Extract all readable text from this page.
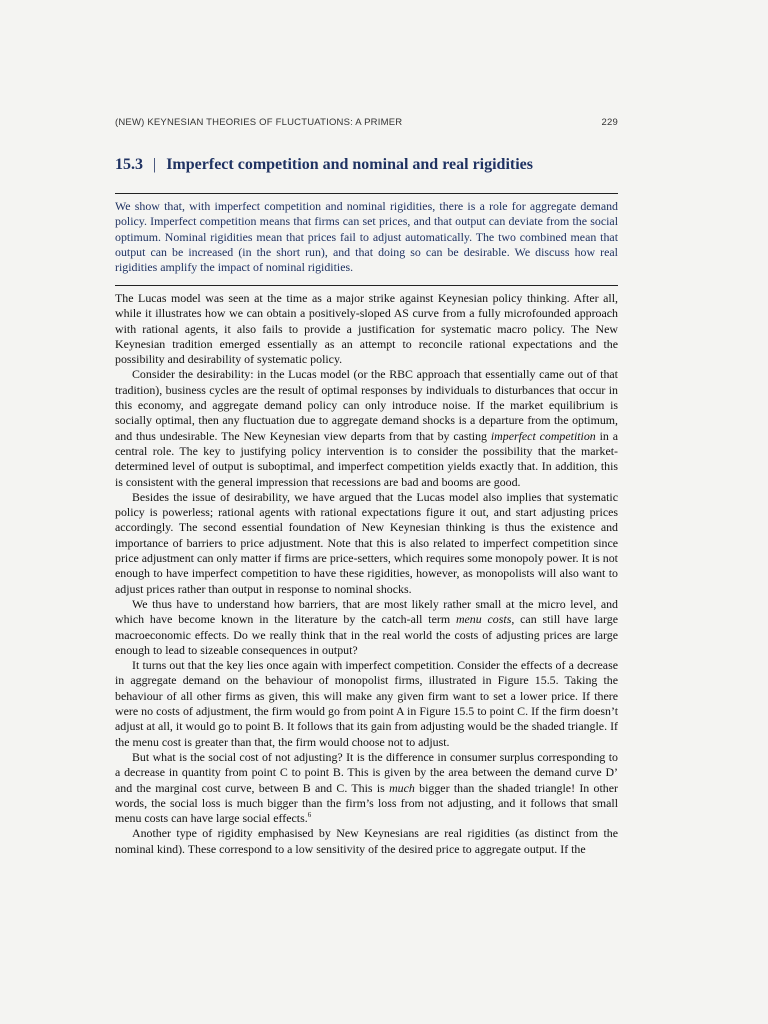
(NEW) KEYNESIAN THEORIES OF FLUCTUATIONS: A PRIMER	229
15.3 | Imperfect competition and nominal and real rigidities
We show that, with imperfect competition and nominal rigidities, there is a role for aggregate demand policy. Imperfect competition means that firms can set prices, and that output can deviate from the social optimum. Nominal rigidities mean that prices fail to adjust automatically. The two combined mean that output can be increased (in the short run), and that doing so can be desirable. We discuss how real rigidities amplify the impact of nominal rigidities.

The Lucas model was seen at the time as a major strike against Keynesian policy thinking. After all, while it illustrates how we can obtain a positively-sloped AS curve from a fully microfounded approach with rational agents, it also fails to provide a justification for systematic macro policy. The New Keynesian tradition emerged essentially as an attempt to reconcile rational expectations and the possibility and desirability of systematic policy.

Consider the desirability: in the Lucas model (or the RBC approach that essentially came out of that tradition), business cycles are the result of optimal responses by individuals to disturbances that occur in this economy, and aggregate demand policy can only introduce noise. If the market equilibrium is socially optimal, then any fluctuation due to aggregate demand shocks is a departure from the optimum, and thus undesirable. The New Keynesian view departs from that by casting imperfect competition in a central role. The key to justifying policy intervention is to consider the possibility that the market-determined level of output is suboptimal, and imperfect competition yields exactly that. In addition, this is consistent with the general impression that recessions are bad and booms are good.

Besides the issue of desirability, we have argued that the Lucas model also implies that systematic policy is powerless; rational agents with rational expectations figure it out, and start adjusting prices accordingly. The second essential foundation of New Keynesian thinking is thus the existence and importance of barriers to price adjustment. Note that this is also related to imperfect competition since price adjustment can only matter if firms are price-setters, which requires some monopoly power. It is not enough to have imperfect competition to have these rigidities, however, as monopolists will also want to adjust prices rather than output in response to nominal shocks.

We thus have to understand how barriers, that are most likely rather small at the micro level, and which have become known in the literature by the catch-all term menu costs, can still have large macroeconomic effects. Do we really think that in the real world the costs of adjusting prices are large enough to lead to sizeable consequences in output?

It turns out that the key lies once again with imperfect competition. Consider the effects of a decrease in aggregate demand on the behaviour of monopolist firms, illustrated in Figure 15.5. Taking the behaviour of all other firms as given, this will make any given firm want to set a lower price. If there were no costs of adjustment, the firm would go from point A in Figure 15.5 to point C. If the firm doesn’t adjust at all, it would go to point B. It follows that its gain from adjusting would be the shaded triangle. If the menu cost is greater than that, the firm would choose not to adjust.

But what is the social cost of not adjusting? It is the difference in consumer surplus corresponding to a decrease in quantity from point C to point B. This is given by the area between the demand curve D’ and the marginal cost curve, between B and C. This is much bigger than the shaded triangle! In other words, the social loss is much bigger than the firm’s loss from not adjusting, and it follows that small menu costs can have large social effects.$^6$

Another type of rigidity emphasised by New Keynesians are real rigidities (as distinct from the nominal kind). These correspond to a low sensitivity of the desired price to aggregate output. If the
